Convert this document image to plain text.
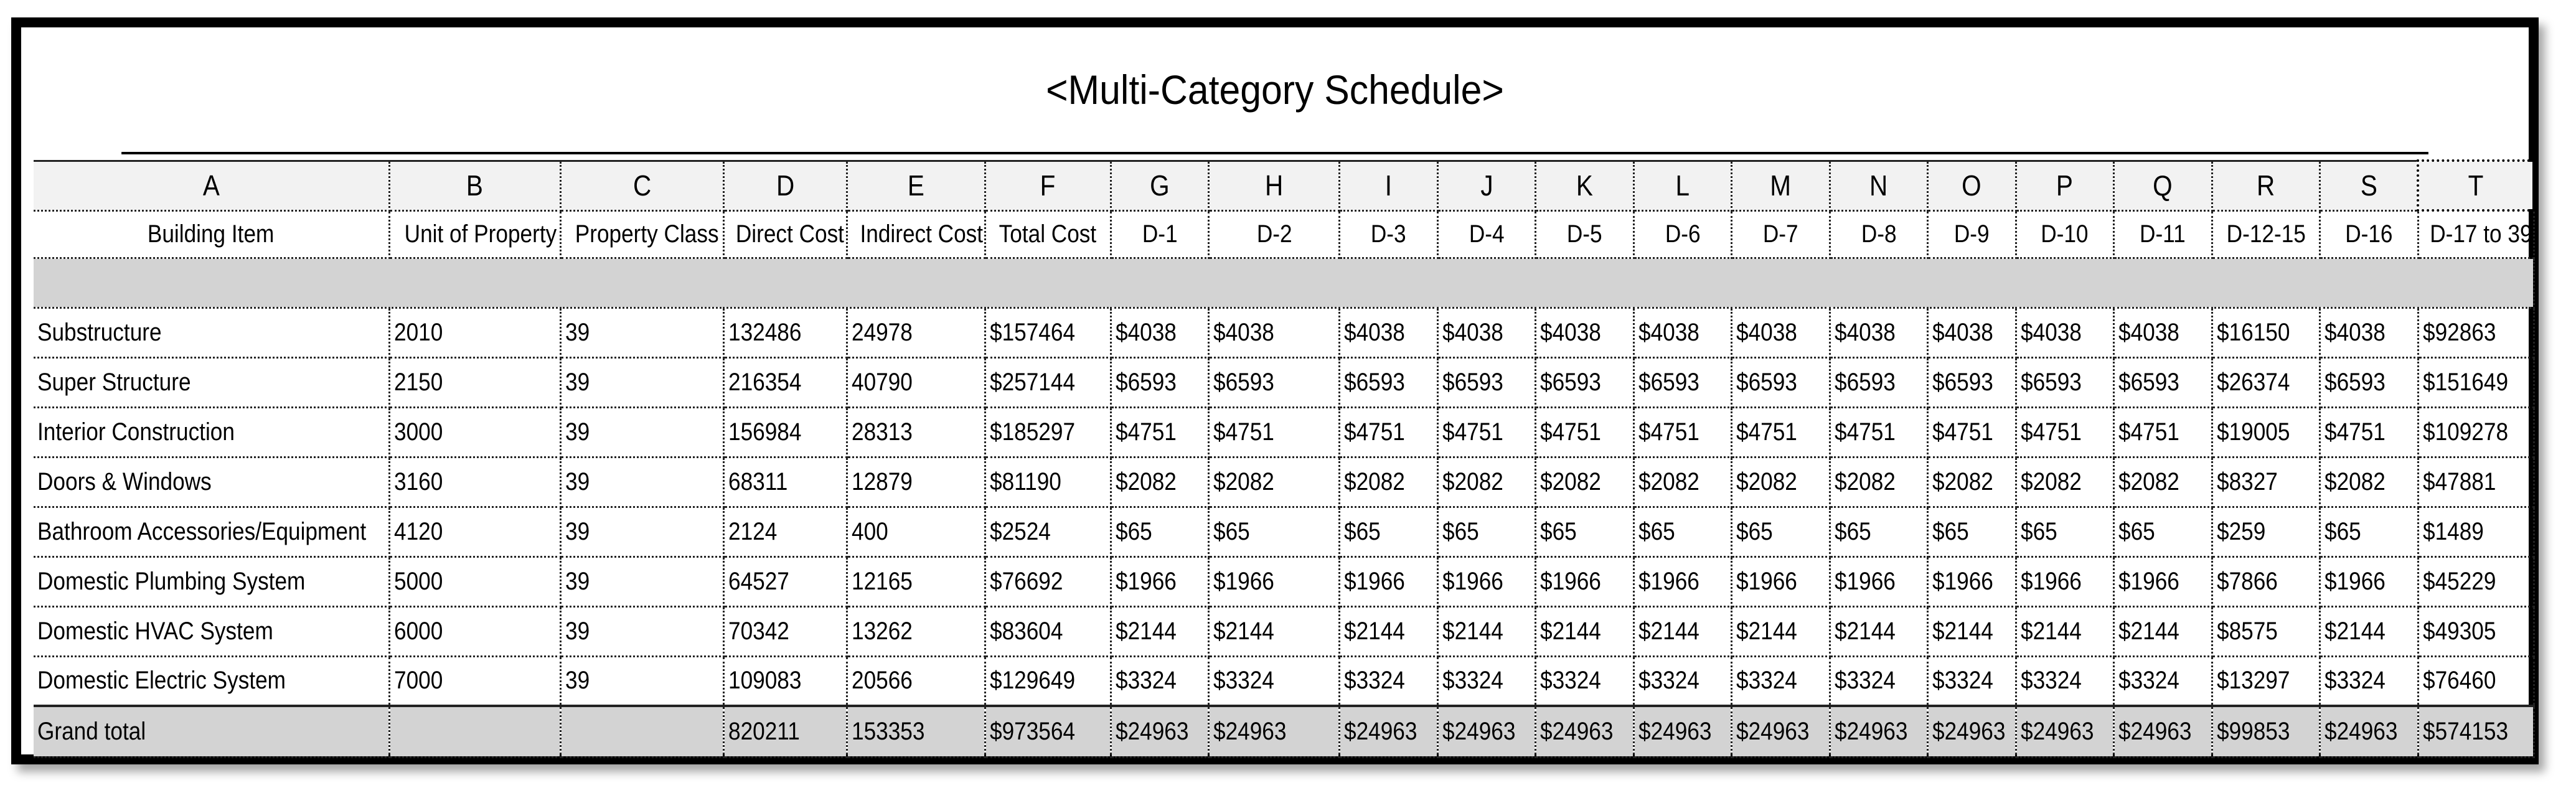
<Multi-Category Schedule>
A	B	C	D	E	F	G	H	I	J	K	L	M	N	O	P	Q	R	S	T
Building Item	Unit of Property	Property Class	Direct Cost	Indirect Cost	Total Cost	D-1	D-2	D-3	D-4	D-5	D-6	D-7	D-8	D-9	D-10	D-11	D-12-15	D-16	D-17 to 39

Substructure	2010	39	132486	24978	$157464	$4038	$4038	$4038	$4038	$4038	$4038	$4038	$4038	$4038	$4038	$4038	$16150	$4038	$92863
Super Structure	2150	39	216354	40790	$257144	$6593	$6593	$6593	$6593	$6593	$6593	$6593	$6593	$6593	$6593	$6593	$26374	$6593	$151649
Interior Construction	3000	39	156984	28313	$185297	$4751	$4751	$4751	$4751	$4751	$4751	$4751	$4751	$4751	$4751	$4751	$19005	$4751	$109278
Doors & Windows	3160	39	68311	12879	$81190	$2082	$2082	$2082	$2082	$2082	$2082	$2082	$2082	$2082	$2082	$2082	$8327	$2082	$47881
Bathroom Accessories/Equipment	4120	39	2124	400	$2524	$65	$65	$65	$65	$65	$65	$65	$65	$65	$65	$65	$259	$65	$1489
Domestic Plumbing System	5000	39	64527	12165	$76692	$1966	$1966	$1966	$1966	$1966	$1966	$1966	$1966	$1966	$1966	$1966	$7866	$1966	$45229
Domestic HVAC System	6000	39	70342	13262	$83604	$2144	$2144	$2144	$2144	$2144	$2144	$2144	$2144	$2144	$2144	$2144	$8575	$2144	$49305
Domestic Electric System	7000	39	109083	20566	$129649	$3324	$3324	$3324	$3324	$3324	$3324	$3324	$3324	$3324	$3324	$3324	$13297	$3324	$76460
Grand total			820211	153353	$973564	$24963	$24963	$24963	$24963	$24963	$24963	$24963	$24963	$24963	$24963	$24963	$99853	$24963	$574153
